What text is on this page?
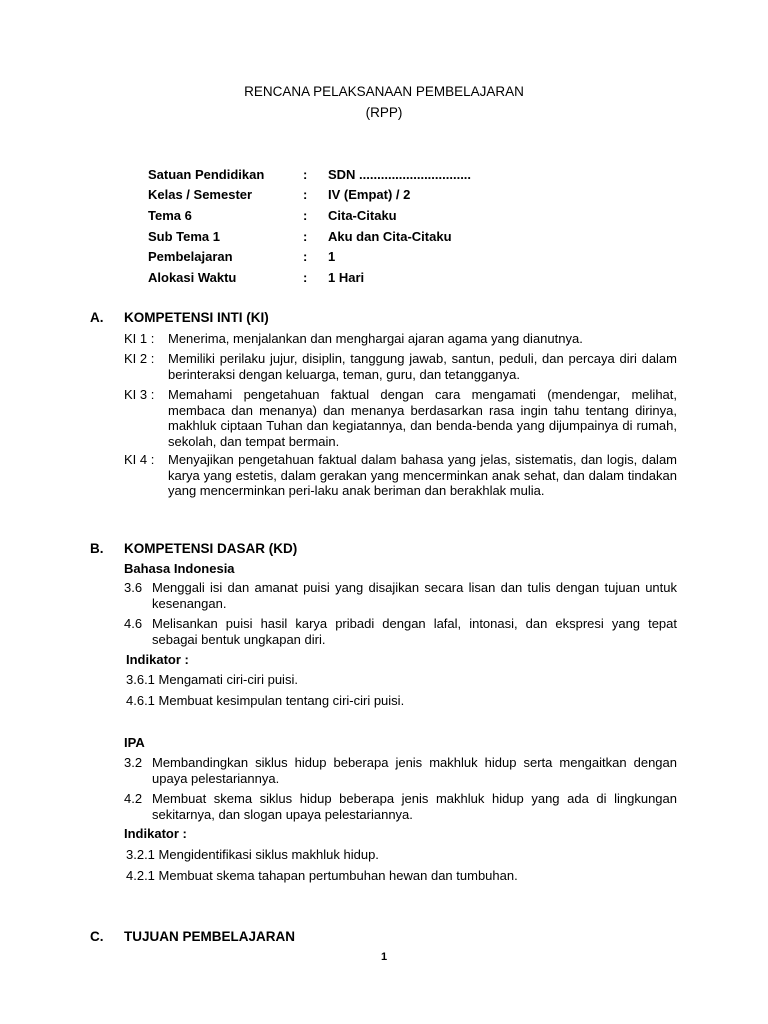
RENCANA PELAKSANAAN PEMBELAJARAN
(RPP)
Satuan Pendidikan	: SDN ...............................
Kelas / Semester	: IV (Empat) / 2
Tema 6	: Cita-Citaku
Sub Tema 1	: Aku dan Cita-Citaku
Pembelajaran	: 1
Alokasi Waktu	: 1 Hari
A. KOMPETENSI INTI (KI)
KI 1 :	Menerima, menjalankan dan menghargai ajaran agama yang dianutnya.
KI 2 :	Memiliki perilaku jujur, disiplin, tanggung jawab, santun, peduli, dan percaya diri dalam berinteraksi dengan keluarga, teman, guru, dan tetangganya.
KI 3 :	Memahami pengetahuan faktual dengan cara mengamati (mendengar, melihat, membaca dan menanya) dan menanya berdasarkan rasa ingin tahu tentang dirinya, makhluk ciptaan Tuhan dan kegiatannya, dan benda-benda yang dijumpainya di rumah, sekolah, dan tempat bermain.
KI 4 :	Menyajikan pengetahuan faktual dalam bahasa yang jelas, sistematis, dan logis, dalam karya yang estetis, dalam gerakan yang mencerminkan anak sehat, dan dalam tindakan yang mencerminkan peri-laku anak beriman dan berakhlak mulia.
B. KOMPETENSI DASAR (KD)
Bahasa Indonesia
3.6 Menggali isi dan amanat puisi yang disajikan secara lisan dan tulis dengan tujuan untuk kesenangan.
4.6 Melisankan puisi hasil karya pribadi dengan lafal, intonasi, dan ekspresi yang tepat sebagai bentuk ungkapan diri.
Indikator :
3.6.1 Mengamati ciri-ciri puisi.
4.6.1 Membuat kesimpulan tentang ciri-ciri puisi.
IPA
3.2 Membandingkan siklus hidup beberapa jenis makhluk hidup serta mengaitkan dengan upaya pelestariannya.
4.2 Membuat skema siklus hidup beberapa jenis makhluk hidup yang ada di lingkungan sekitarnya, dan slogan upaya pelestariannya.
Indikator :
3.2.1 Mengidentifikasi siklus makhluk hidup.
4.2.1 Membuat skema tahapan pertumbuhan hewan dan tumbuhan.
C. TUJUAN PEMBELAJARAN
1
